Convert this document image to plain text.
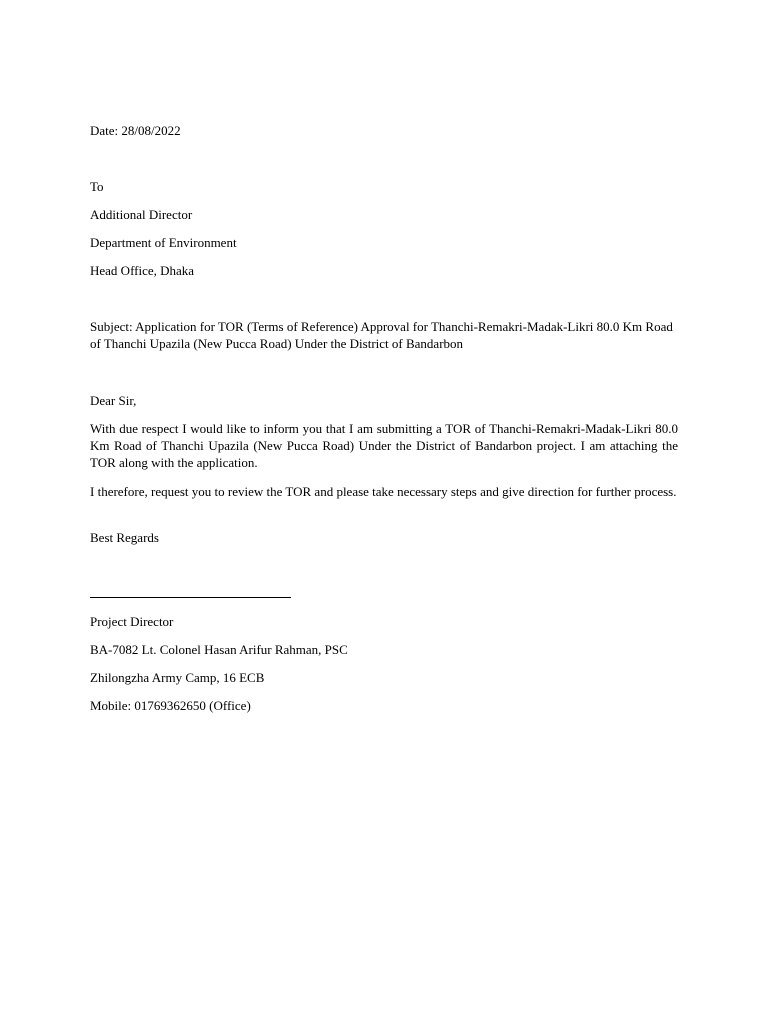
Date: 28/08/2022

To

Additional Director

Department of Environment

Head Office, Dhaka

Subject: Application for TOR (Terms of Reference) Approval for Thanchi-Remakri-Madak-Likri 80.0 Km Road of Thanchi Upazila (New Pucca Road) Under the District of Bandarbon

Dear Sir,

With due respect I would like to inform you that I am submitting a TOR of Thanchi-Remakri-Madak-Likri 80.0 Km Road of Thanchi Upazila (New Pucca Road) Under the District of Bandarbon project. I am attaching the TOR along with the application.

I therefore, request you to review the TOR and please take necessary steps and give direction for further process.

Best Regards

Project Director

BA-7082 Lt. Colonel Hasan Arifur Rahman, PSC

Zhilongzha Army Camp, 16 ECB

Mobile: 01769362650 (Office)
